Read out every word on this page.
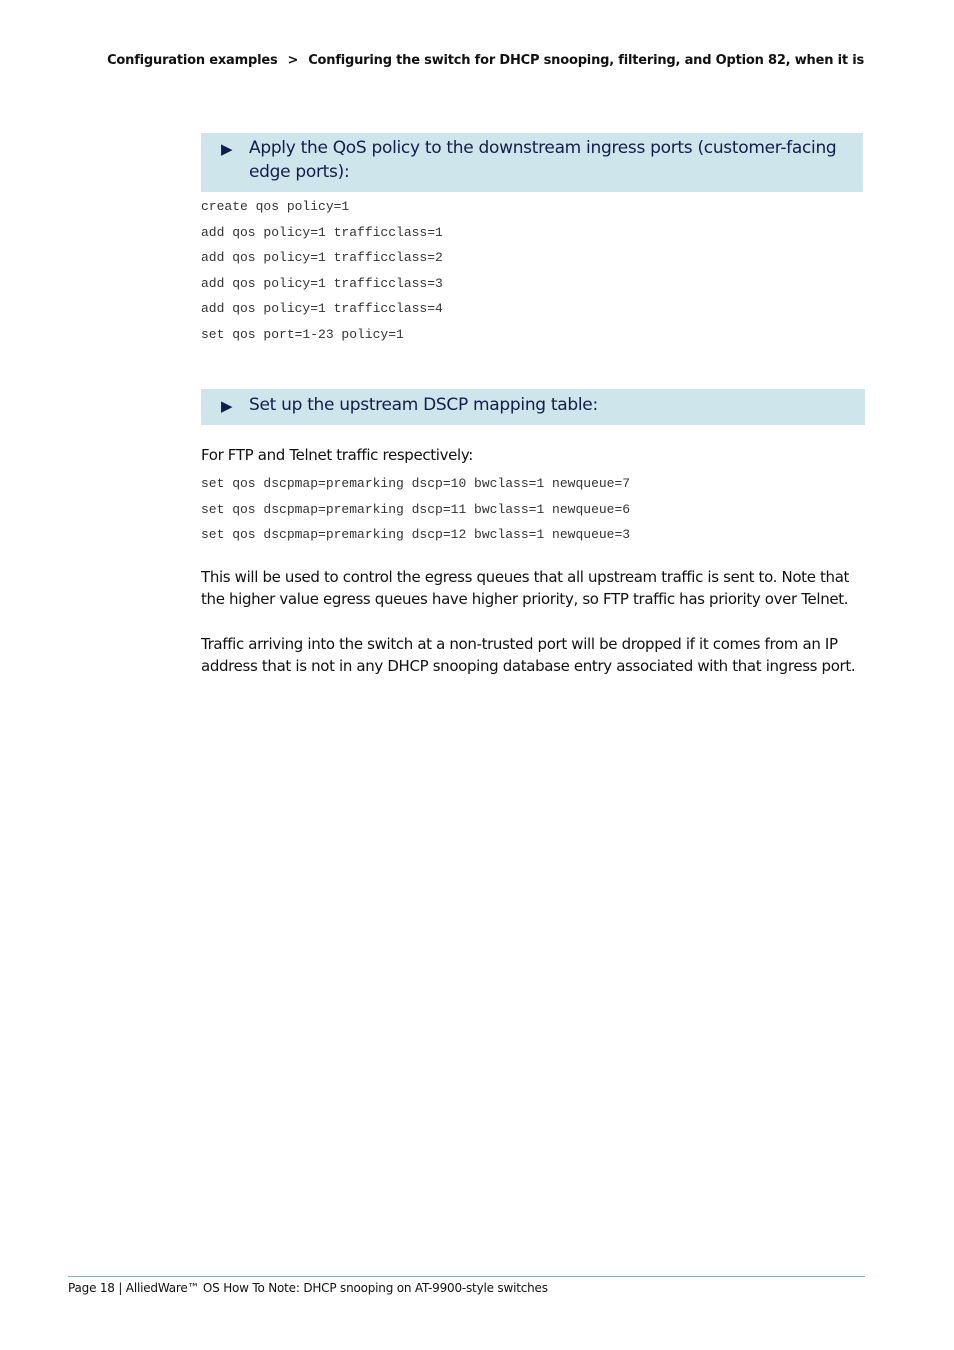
Configuration examples > Configuring the switch for DHCP snooping, filtering, and Option 82, when it is
▶ Apply the QoS policy to the downstream ingress ports (customer-facing edge ports):
create qos policy=1
add qos policy=1 trafficclass=1
add qos policy=1 trafficclass=2
add qos policy=1 trafficclass=3
add qos policy=1 trafficclass=4
set qos port=1-23 policy=1
▶ Set up the upstream DSCP mapping table:

For FTP and Telnet traffic respectively:

set qos dscpmap=premarking dscp=10 bwclass=1 newqueue=7
set qos dscpmap=premarking dscp=11 bwclass=1 newqueue=6
set qos dscpmap=premarking dscp=12 bwclass=1 newqueue=3

This will be used to control the egress queues that all upstream traffic is sent to. Note that the higher value egress queues have higher priority, so FTP traffic has priority over Telnet.

Traffic arriving into the switch at a non-trusted port will be dropped if it comes from an IP address that is not in any DHCP snooping database entry associated with that ingress port.

Page 18 | AlliedWare™ OS How To Note: DHCP snooping on AT-9900-style switches
